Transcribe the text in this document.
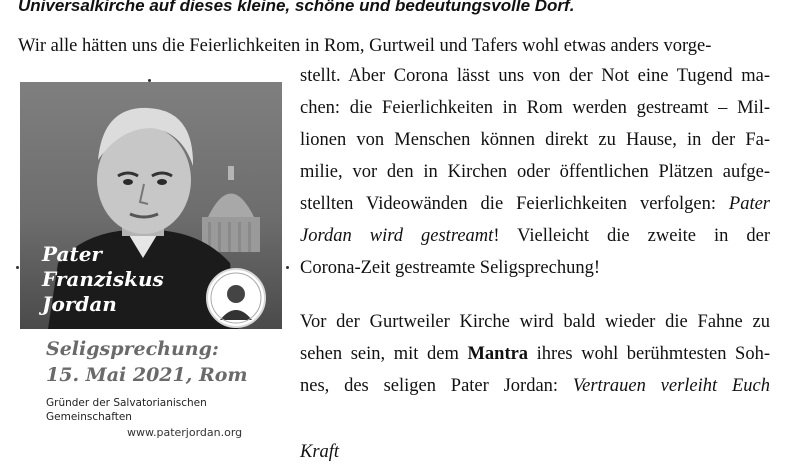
Universalkirche auf dieses kleine, schöne und bedeutungsvolle Dorf.
Wir alle hätten uns die Feierlichkeiten in Rom, Gurtweil und Tafers wohl etwas anders vorge-
stellt. Aber Corona lässt uns von der Not eine Tugend ma-
chen: die Feierlichkeiten in Rom werden gestreamt – Mil-
lionen von Menschen können direkt zu Hause, in der Fa-
milie, vor den in Kirchen oder öffentlichen Plätzen aufge-
stellten Videowänden die Feierlichkeiten verfolgen: Pater
Jordan wird gestreamt! Vielleicht die zweite in der
Corona-Zeit gestreamte Seligsprechung!
Vor der Gurtweiler Kirche wird bald wieder die Fahne zu
sehen sein, mit dem Mantra ihres wohl berühmtesten Soh-
nes, des seligen Pater Jordan: Vertrauen verleiht Euch
Kraft
Pater
Franziskus
Jordan
Seligsprechung:
15. Mai 2021, Rom
Gründer der Salvatorianischen
Gemeinschaften
www.paterjordan.org
